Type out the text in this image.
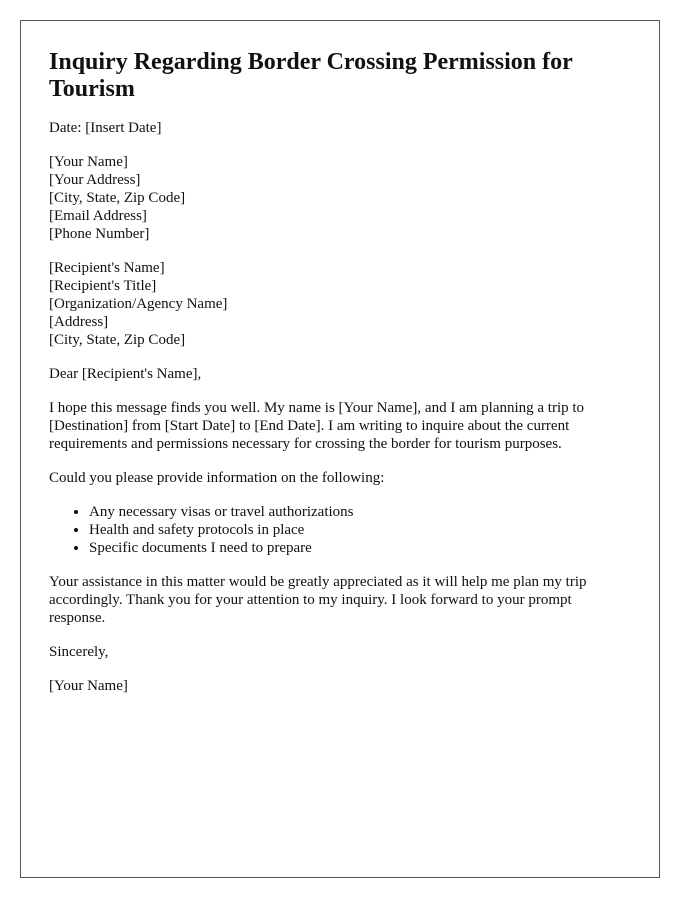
Inquiry Regarding Border Crossing Permission for Tourism

Date: [Insert Date]

[Your Name]
[Your Address]
[City, State, Zip Code]
[Email Address]
[Phone Number]
[Recipient's Name]
[Recipient's Title]
[Organization/Agency Name]
[Address]
[City, State, Zip Code]

Dear [Recipient's Name],

I hope this message finds you well. My name is [Your Name], and I am planning a trip to [Destination] from [Start Date] to [End Date]. I am writing to inquire about the current requirements and permissions necessary for crossing the border for tourism purposes.

Could you please provide information on the following:

• Any necessary visas or travel authorizations
• Health and safety protocols in place
• Specific documents I need to prepare

Your assistance in this matter would be greatly appreciated as it will help me plan my trip accordingly. Thank you for your attention to my inquiry. I look forward to your prompt response.

Sincerely,

[Your Name]
